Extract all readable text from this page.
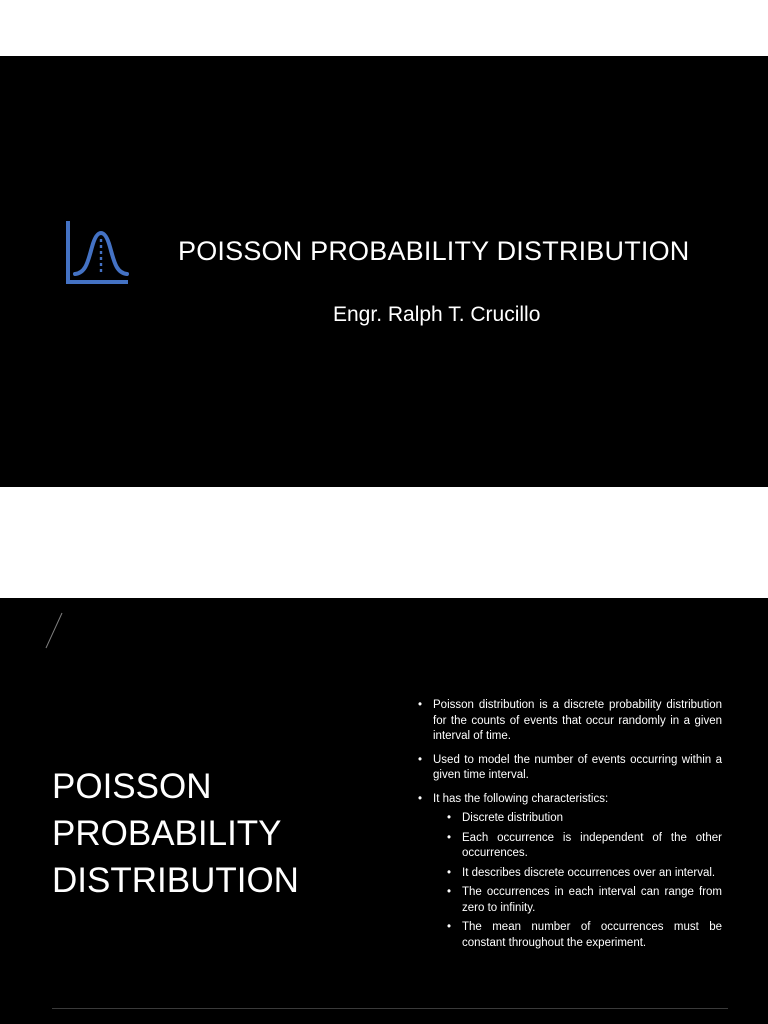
POISSON PROBABILITY DISTRIBUTION
Engr. Ralph T. Crucillo
POISSON
PROBABILITY
DISTRIBUTION
• Poisson distribution is a discrete probability distribution for the counts of events that occur randomly in a given interval of time.
• Used to model the number of events occurring within a given time interval.
• It has the following characteristics:
• Discrete distribution
• Each occurrence is independent of the other occurrences.
• It describes discrete occurrences over an interval.
• The occurrences in each interval can range from zero to infinity.
• The mean number of occurrences must be constant throughout the experiment.
